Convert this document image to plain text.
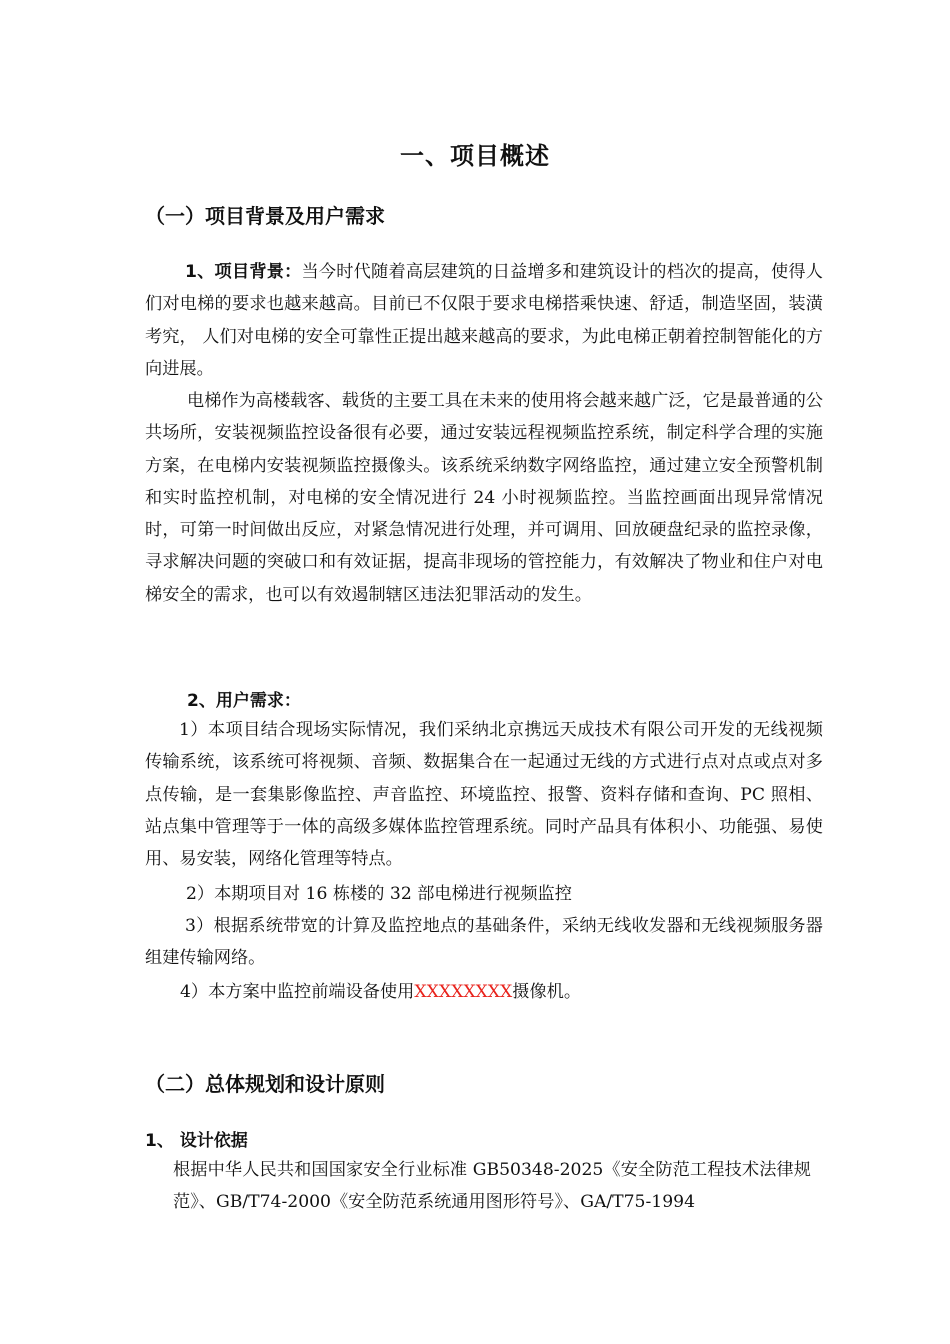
一、项目概述
（一）项目背景及用户需求
1、项目背景：当今时代随着高层建筑的日益增多和建筑设计的档次的提高，使得人们对电梯的要求也越来越高。目前已不仅限于要求电梯搭乘快速、舒适，制造坚固，装潢考究， 人们对电梯的安全可靠性正提出越来越高的要求，为此电梯正朝着控制智能化的方向进展。
电梯作为高楼载客、载货的主要工具在未来的使用将会越来越广泛，它是最普通的公共场所，安装视频监控设备很有必要，通过安装远程视频监控系统，制定科学合理的实施方案，在电梯内安装视频监控摄像头。该系统采纳数字网络监控，通过建立安全预警机制和实时监控机制，对电梯的安全情况进行 24 小时视频监控。当监控画面出现异常情况时，可第一时间做出反应，对紧急情况进行处理，并可调用、回放硬盘纪录的监控录像，寻求解决问题的突破口和有效证据，提高非现场的管控能力，有效解决了物业和住户对电梯安全的需求，也可以有效遏制辖区违法犯罪活动的发生。
2、用户需求：
1）本项目结合现场实际情况，我们采纳北京携远天成技术有限公司开发的无线视频传输系统，该系统可将视频、音频、数据集合在一起通过无线的方式进行点对点或点对多点传输，是一套集影像监控、声音监控、环境监控、报警、资料存储和查询、PC 照相、站点集中管理等于一体的高级多媒体监控管理系统。同时产品具有体积小、功能强、易使用、易安装，网络化管理等特点。
2）本期项目对 16 栋楼的 32 部电梯进行视频监控
3）根据系统带宽的计算及监控地点的基础条件，采纳无线收发器和无线视频服务器组建传输网络。
4）本方案中监控前端设备使用XXXXXXXX摄像机。
（二）总体规划和设计原则
1、 设计依据
根据中华人民共和国国家安全行业标准 GB50348-2025《安全防范工程技术法律规范》、GB/T74-2000《安全防范系统通用图形符号》、GA/T75-1994
